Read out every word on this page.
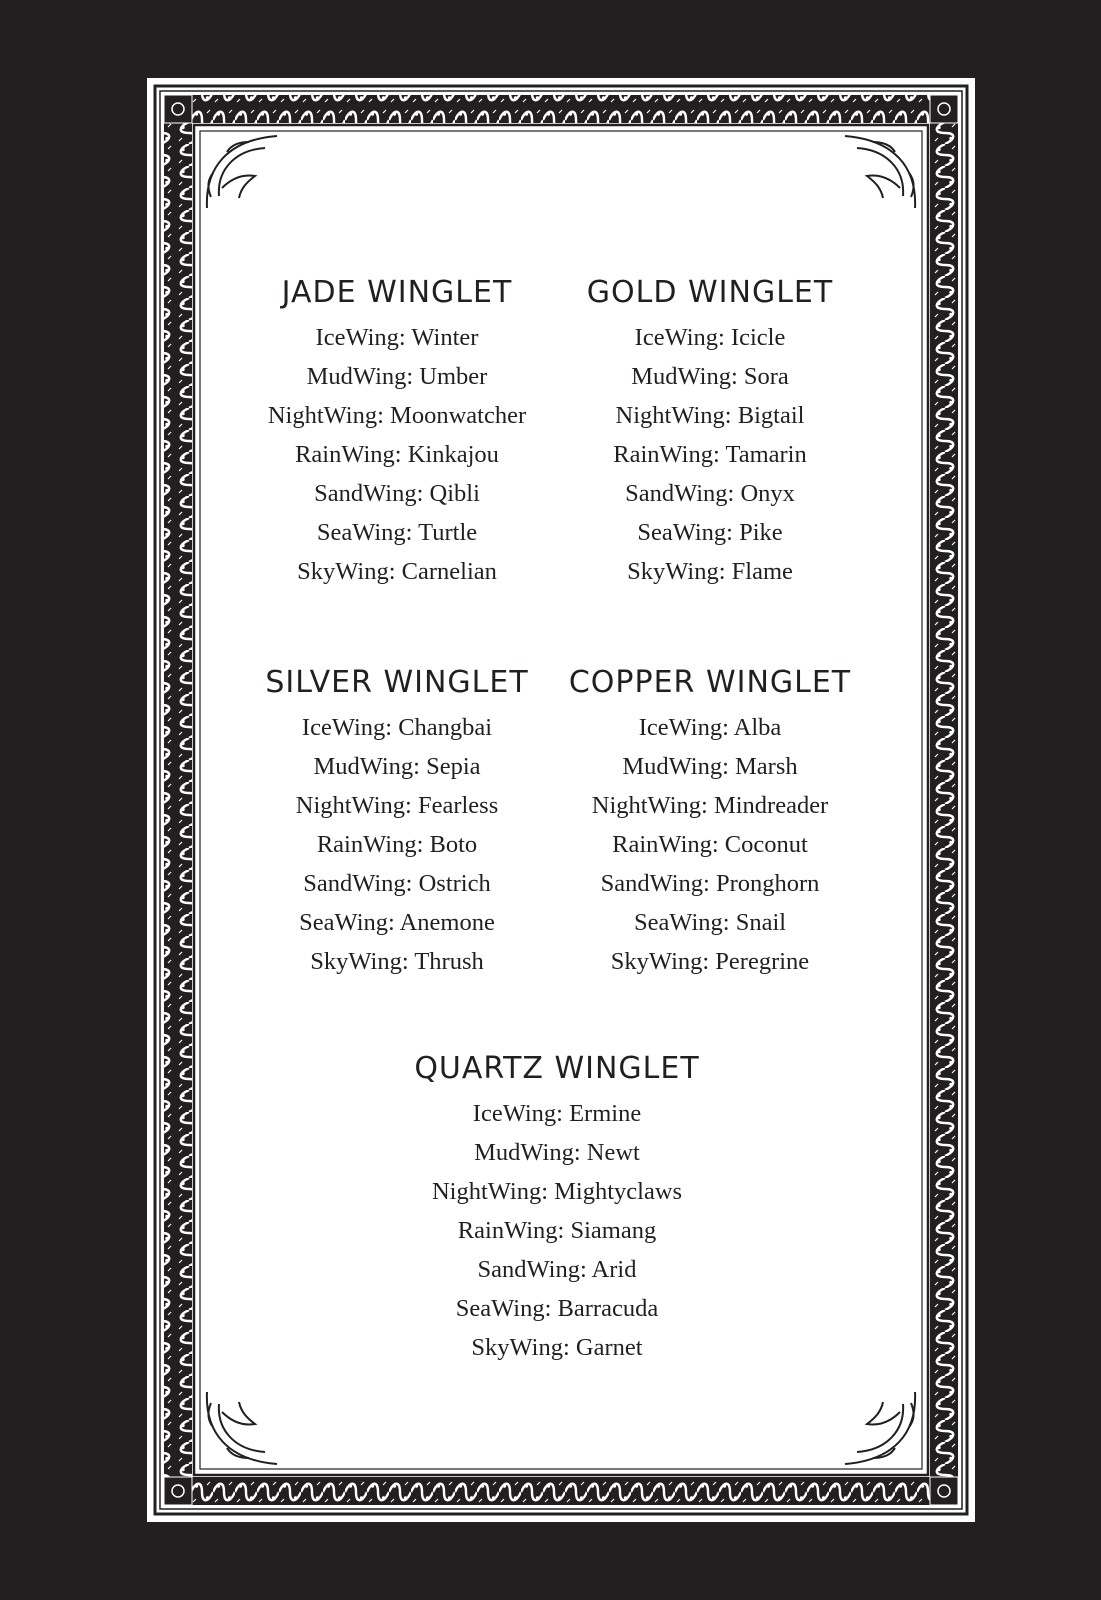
JADE WINGLET
IceWing: Winter
MudWing: Umber
NightWing: Moonwatcher
RainWing: Kinkajou
SandWing: Qibli
SeaWing: Turtle
SkyWing: Carnelian
GOLD WINGLET
IceWing: Icicle
MudWing: Sora
NightWing: Bigtail
RainWing: Tamarin
SandWing: Onyx
SeaWing: Pike
SkyWing: Flame
SILVER WINGLET
IceWing: Changbai
MudWing: Sepia
NightWing: Fearless
RainWing: Boto
SandWing: Ostrich
SeaWing: Anemone
SkyWing: Thrush
COPPER WINGLET
IceWing: Alba
MudWing: Marsh
NightWing: Mindreader
RainWing: Coconut
SandWing: Pronghorn
SeaWing: Snail
SkyWing: Peregrine
QUARTZ WINGLET
IceWing: Ermine
MudWing: Newt
NightWing: Mightyclaws
RainWing: Siamang
SandWing: Arid
SeaWing: Barracuda
SkyWing: Garnet
